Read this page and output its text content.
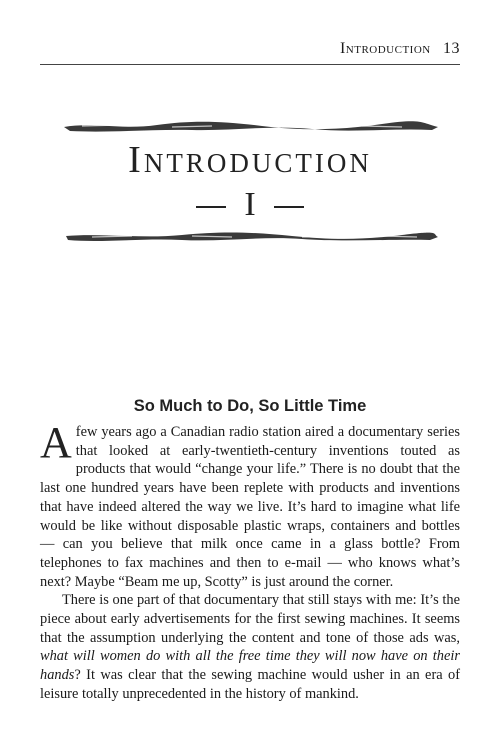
Introduction 13
Introduction
I
So Much to Do, So Little Time

Afew years ago a Canadian radio station aired a documentary series that looked at early-twentieth-century inventions touted as products that would “change your life.” There is no doubt that the last one hundred years have been replete with products and inventions that have indeed altered the way we live. It’s hard to imagine what life would be like without disposable plastic wraps, containers and bottles — can you believe that milk once came in a glass bottle? From telephones to fax machines and then to e-mail — who knows what’s next? Maybe “Beam me up, Scotty” is just around the corner.

There is one part of that documentary that still stays with me: It’s the piece about early advertisements for the first sewing machines. It seems that the assumption underlying the content and tone of those ads was, what will women do with all the free time they will now have on their hands? It was clear that the sewing machine would usher in an era of leisure totally unprecedented in the history of mankind.
